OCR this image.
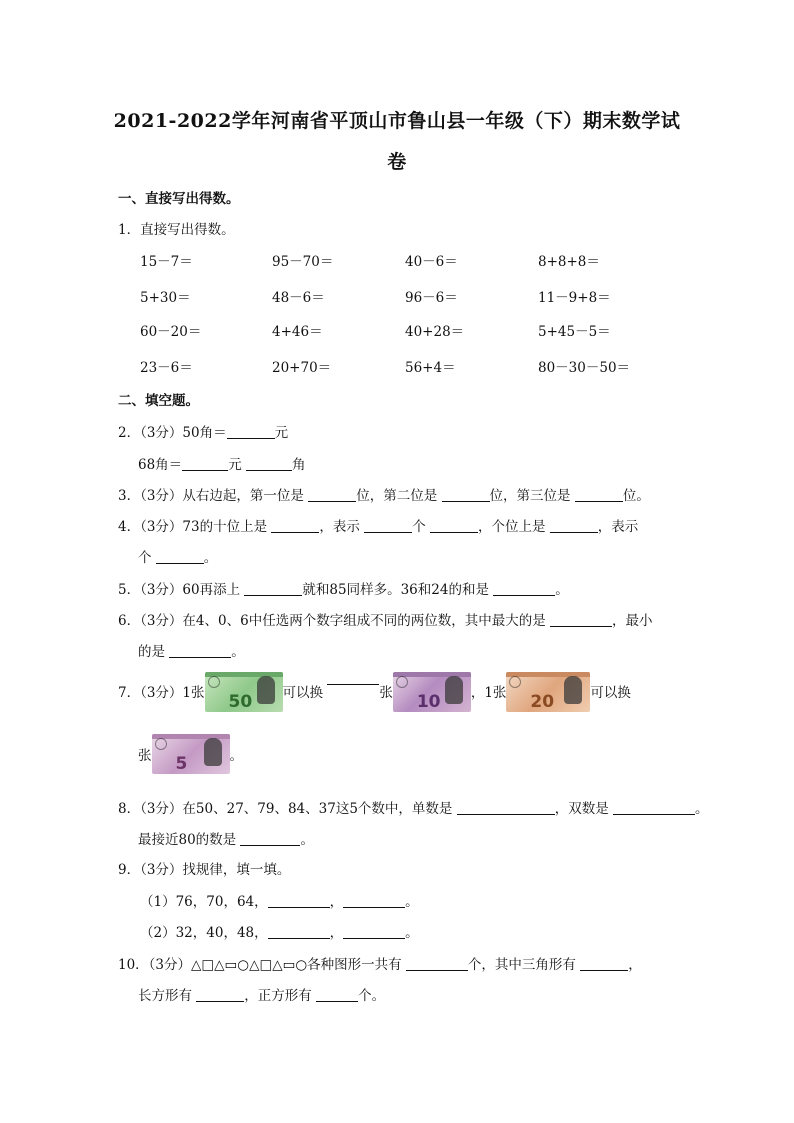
2021-2022学年河南省平顶山市鲁山县一年级（下）期末数学试
卷
一、直接写出得数。
1．直接写出得数。
15－7＝	95－70＝	40－6＝	8+8+8＝
5+30＝	48－6＝	96－6＝	11－9+8＝
60－20＝	4+46＝	40+28＝	5+45－5＝
23－6＝	20+70＝	56+4＝	80－30－50＝
二、填空题。
2．（3分）50角＝	元
68角＝	元	角
3．（3分）从右边起，第一位是	位，第二位是	位，第三位是	位。
4．（3分）73的十位上是	，表示	个	，个位上是	，表示
个	。
5．（3分）60再添上	就和85同样多。36和24的和是	。
6．（3分）在4、0、6中任选两个数字组成不同的两位数，其中最大的是	，最小
的是	。
7．（3分）1张 50 可以换	张 10 ，1张 20	可以换
张 5	。
8．（3分）在50、27、79、84、37这5个数中，单数是	，双数是	。
最接近80的数是	。
9．（3分）找规律，填一填。
（1）76，70，64，	，	。
（2）32，40，48，	，	。
10．（3分）△□△▭○△□△▭○各种图形一共有	个，其中三角形有	，
长方形有	，正方形有	个。
